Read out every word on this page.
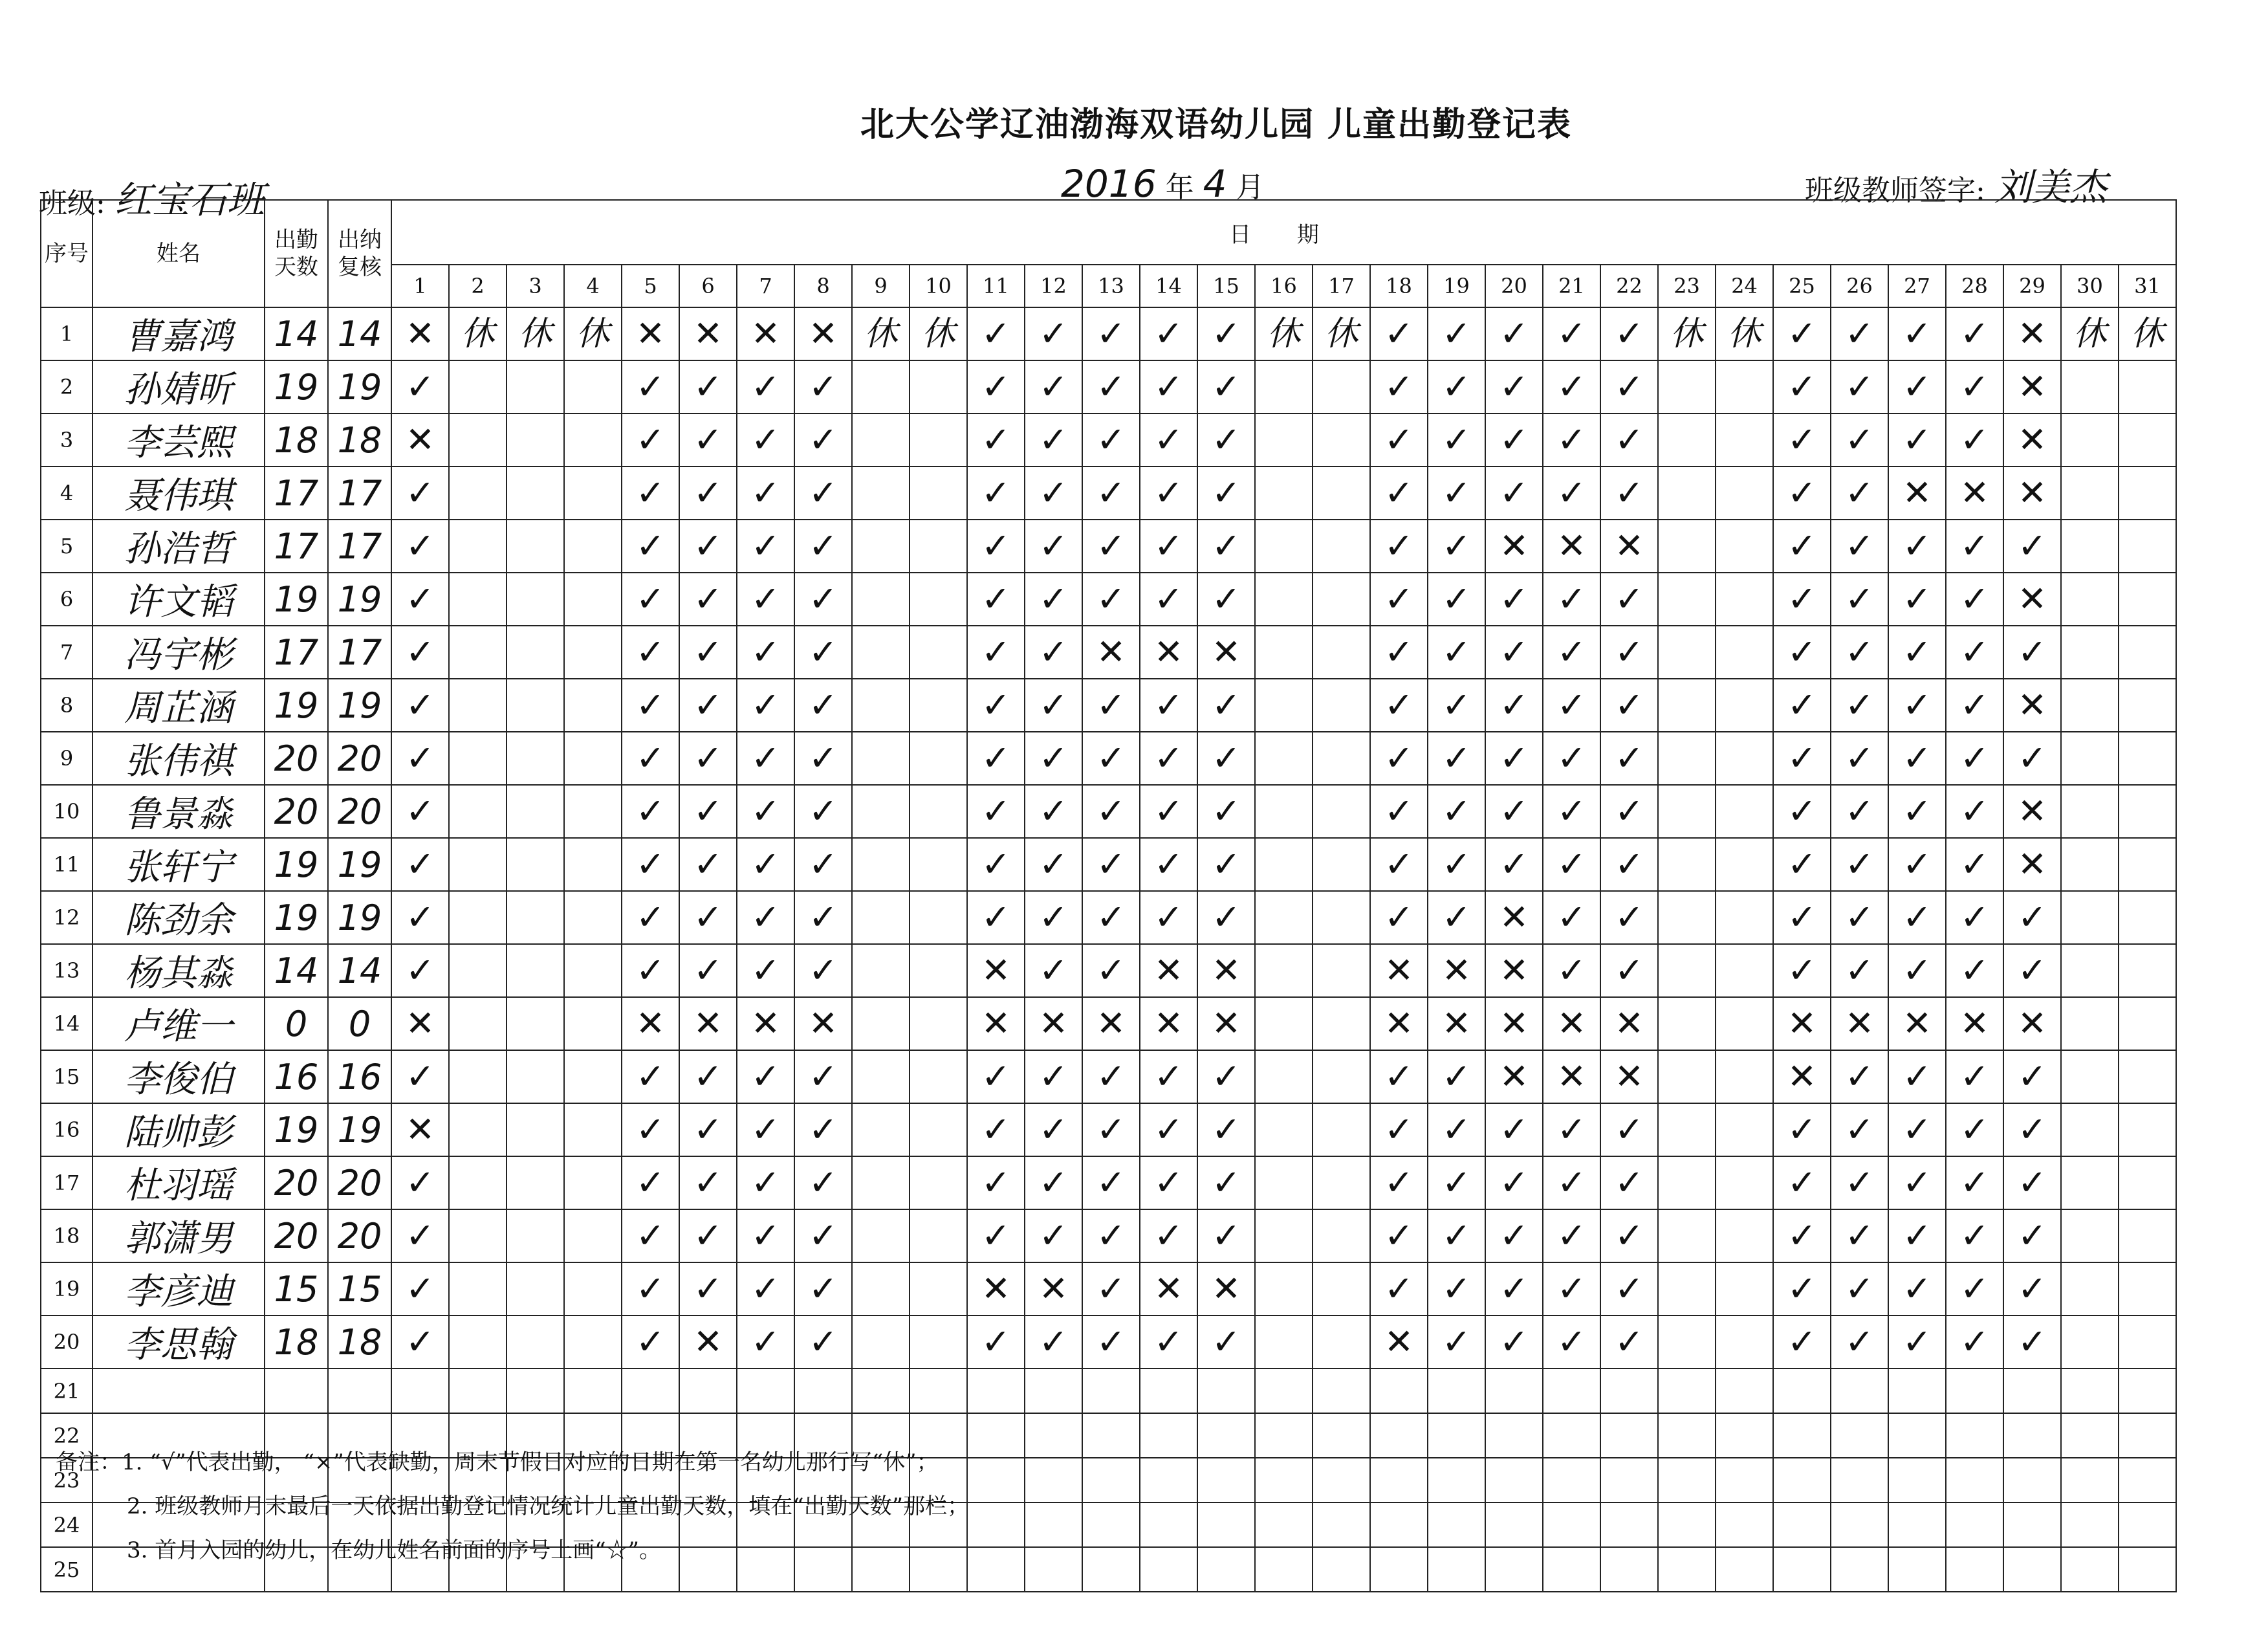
北大公学辽油渤海双语幼儿园 儿童出勤登记表
班级: 红宝石班	2016 年 4 月	班级教师签字: 刘美杰
序号	姓名	出勤天数	出纳复核	日 期																														
				1	2	3	4	5	6	7	8	9	10	11	12	13	14	15	16	17	18	19	20	21	22	23	24	25	26	27	28	29	30	31
1	曹嘉鸿	14	14	✕	休	休	休	✕	✕	✕	✕	休	休	✓	✓	✓	✓	✓	休	休	✓	✓	✓	✓	✓	休	休	✓	✓	✓	✓	✕	休	休
2	孙婧昕	19	19	✓				✓	✓	✓	✓			✓	✓	✓	✓	✓			✓	✓	✓	✓	✓			✓	✓	✓	✓	✕		
3	李芸熙	18	18	✕				✓	✓	✓	✓			✓	✓	✓	✓	✓			✓	✓	✓	✓	✓			✓	✓	✓	✓	✕		
4	聂伟琪	17	17	✓				✓	✓	✓	✓			✓	✓	✓	✓	✓			✓	✓	✓	✓	✓			✓	✓	✕	✕	✕		
5	孙浩哲	17	17	✓				✓	✓	✓	✓			✓	✓	✓	✓	✓			✓	✓	✕	✕	✕			✓	✓	✓	✓	✓		
6	许文韬	19	19	✓				✓	✓	✓	✓			✓	✓	✓	✓	✓			✓	✓	✓	✓	✓			✓	✓	✓	✓	✕		
7	冯宇彬	17	17	✓				✓	✓	✓	✓			✓	✓	✕	✕	✕			✓	✓	✓	✓	✓			✓	✓	✓	✓	✓		
8	周芷涵	19	19	✓				✓	✓	✓	✓			✓	✓	✓	✓	✓			✓	✓	✓	✓	✓			✓	✓	✓	✓	✕		
9	张伟祺	20	20	✓				✓	✓	✓	✓			✓	✓	✓	✓	✓			✓	✓	✓	✓	✓			✓	✓	✓	✓	✓		
10	鲁景淼	20	20	✓				✓	✓	✓	✓			✓	✓	✓	✓	✓			✓	✓	✓	✓	✓			✓	✓	✓	✓	✕		
11	张轩宁	19	19	✓				✓	✓	✓	✓			✓	✓	✓	✓	✓			✓	✓	✓	✓	✓			✓	✓	✓	✓	✕		
12	陈劲余	19	19	✓				✓	✓	✓	✓			✓	✓	✓	✓	✓			✓	✓	✕	✓	✓			✓	✓	✓	✓	✓		
13	杨其淼	14	14	✓				✓	✓	✓	✓			✕	✓	✓	✕	✕			✕	✕	✕	✓	✓			✓	✓	✓	✓	✓		
14	卢维一	0	0	✕				✕	✕	✕	✕			✕	✕	✕	✕	✕			✕	✕	✕	✕	✕			✕	✕	✕	✕	✕		
15	李俊伯	16	16	✓				✓	✓	✓	✓			✓	✓	✓	✓	✓			✓	✓	✕	✕	✕			✕	✓	✓	✓	✓		
16	陆帅彭	19	19	✕				✓	✓	✓	✓			✓	✓	✓	✓	✓			✓	✓	✓	✓	✓			✓	✓	✓	✓	✓		
17	杜羽瑶	20	20	✓				✓	✓	✓	✓			✓	✓	✓	✓	✓			✓	✓	✓	✓	✓			✓	✓	✓	✓	✓		
18	郭潇男	20	20	✓				✓	✓	✓	✓			✓	✓	✓	✓	✓			✓	✓	✓	✓	✓			✓	✓	✓	✓	✓		
19	李彦迪	15	15	✓				✓	✓	✓	✓			✕	✕	✓	✕	✕			✓	✓	✓	✓	✓			✓	✓	✓	✓	✓		
20	李思翰	18	18	✓				✓	✕	✓	✓			✓	✓	✓	✓	✓			✕	✓	✓	✓	✓			✓	✓	✓	✓	✓		
21																																		
22																																		
23																																		
24																																		
25																																		
备注：1. “√”代表出勤， “×”代表缺勤，周末节假日对应的日期在第一名幼儿那行写“休”；
2. 班级教师月末最后一天依据出勤登记情况统计儿童出勤天数，填在“出勤天数”那栏；
3. 首月入园的幼儿，在幼儿姓名前面的序号上画“☆”。
